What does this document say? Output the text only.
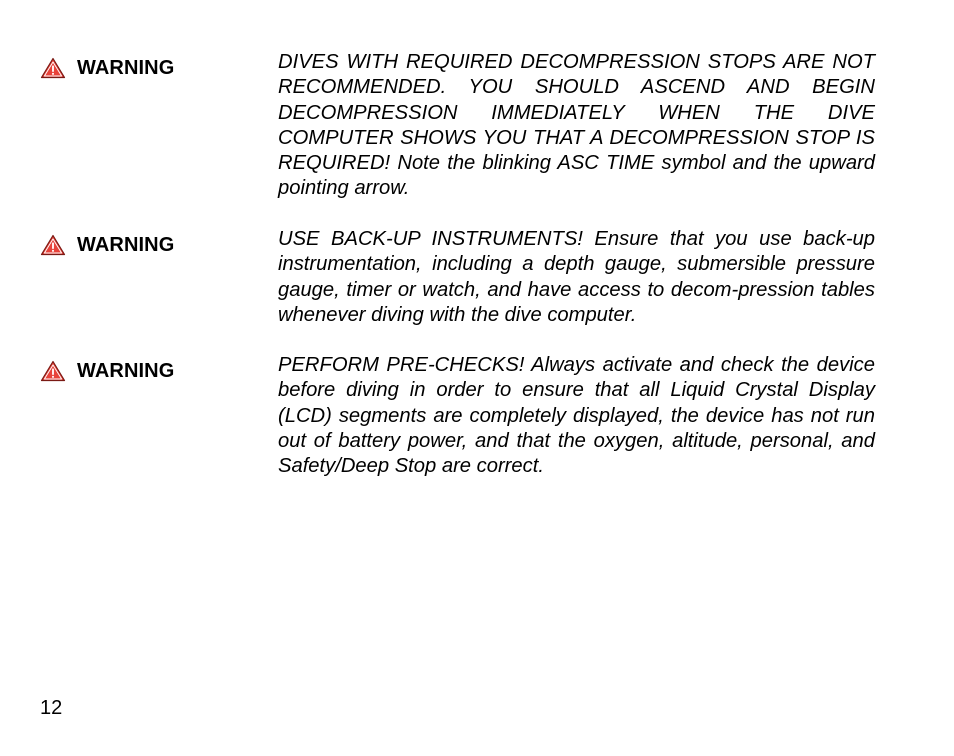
WARNING	DIVES WITH REQUIRED DECOMPRESSION STOPS ARE NOT RECOMMENDED. YOU SHOULD ASCEND AND BEGIN DECOMPRESSION IMMEDIATELY WHEN THE DIVE COMPUTER SHOWS YOU THAT A DECOMPRESSION STOP IS REQUIRED! Note the blinking ASC TIME symbol and the upward pointing arrow.

WARNING	USE BACK-UP INSTRUMENTS! Ensure that you use back-up instrumentation, including a depth gauge, submersible pressure gauge, timer or watch, and have access to decom-pression tables whenever diving with the dive computer.

WARNING	PERFORM PRE-CHECKS! Always activate and check the device before diving in order to ensure that all Liquid Crystal Display (LCD) segments are completely displayed, the device has not run out of battery power, and that the oxygen, altitude, personal, and Safety/Deep Stop are correct.

12
